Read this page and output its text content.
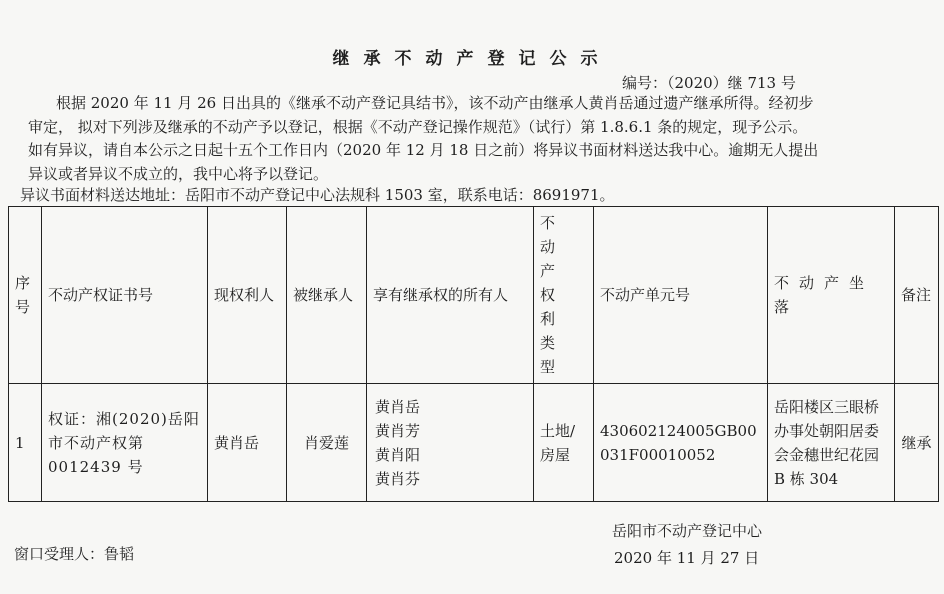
继承不动产登记公示
编号：（2020）继 713 号
根据 2020 年 11 月 26 日出具的《继承不动产登记具结书》，该不动产由继承人黄肖岳通过遗产继承所得。经初步
审定， 拟对下列涉及继承的不动产予以登记，根据《不动产登记操作规范》（试行）第 1.8.6.1 条的规定，现予公示。
如有异议，请自本公示之日起十五个工作日内（2020 年 12 月 18 日之前）将异议书面材料送达我中心。逾期无人提出
异议或者异议不成立的，我中心将予以登记。
异议书面材料送达地址：岳阳市不动产登记中心法规科 1503 室，联系电话：8691971。
序号	不动产权证书号	现权利人	被继承人	享有继承权的所有人	不动产权利类型	不动产单元号	不动产坐落	备注
1	权证：湘(2020)岳阳市不动产权第0012439 号	黄肖岳	肖爱莲	黄肖岳
黄肖芳
黄肖阳
黄肖芬	土地/房屋	430602124005GB00031F00010052	岳阳楼区三眼桥办事处朝阳居委会金穗世纪花园 B 栋 304	继承
岳阳市不动产登记中心
2020 年 11 月 27 日
窗口受理人：鲁韬
